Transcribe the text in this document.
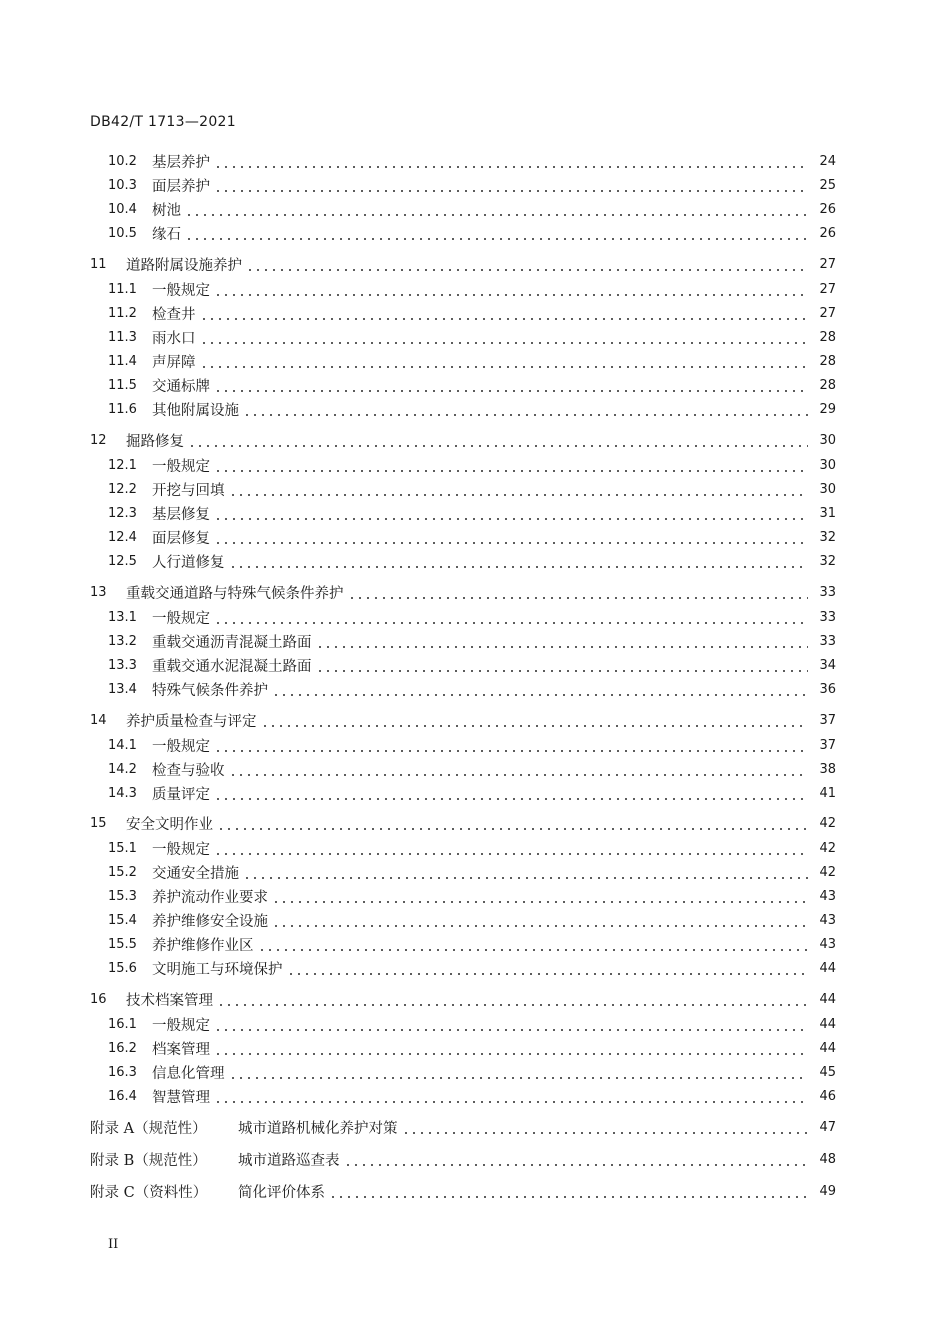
DB42/T 1713—2021
10.2	基层养护	24
10.3	面层养护	25
10.4	树池	26
10.5	缘石	26
11	道路附属设施养护	27
11.1	一般规定	27
11.2	检查井	27
11.3	雨水口	28
11.4	声屏障	28
11.5	交通标牌	28
11.6	其他附属设施	29
12	掘路修复	30
12.1	一般规定	30
12.2	开挖与回填	30
12.3	基层修复	31
12.4	面层修复	32
12.5	人行道修复	32
13	重载交通道路与特殊气候条件养护	33
13.1	一般规定	33
13.2	重载交通沥青混凝土路面	33
13.3	重载交通水泥混凝土路面	34
13.4	特殊气候条件养护	36
14	养护质量检查与评定	37
14.1	一般规定	37
14.2	检查与验收	38
14.3	质量评定	41
15	安全文明作业	42
15.1	一般规定	42
15.2	交通安全措施	42
15.3	养护流动作业要求	43
15.4	养护维修安全设施	43
15.5	养护维修作业区	43
15.6	文明施工与环境保护	44
16	技术档案管理	44
16.1	一般规定	44
16.2	档案管理	44
16.3	信息化管理	45
16.4	智慧管理	46
附录 A（规范性）	城市道路机械化养护对策	47
附录 B（规范性）	城市道路巡查表	48
附录 C（资料性）	简化评价体系	49
II
